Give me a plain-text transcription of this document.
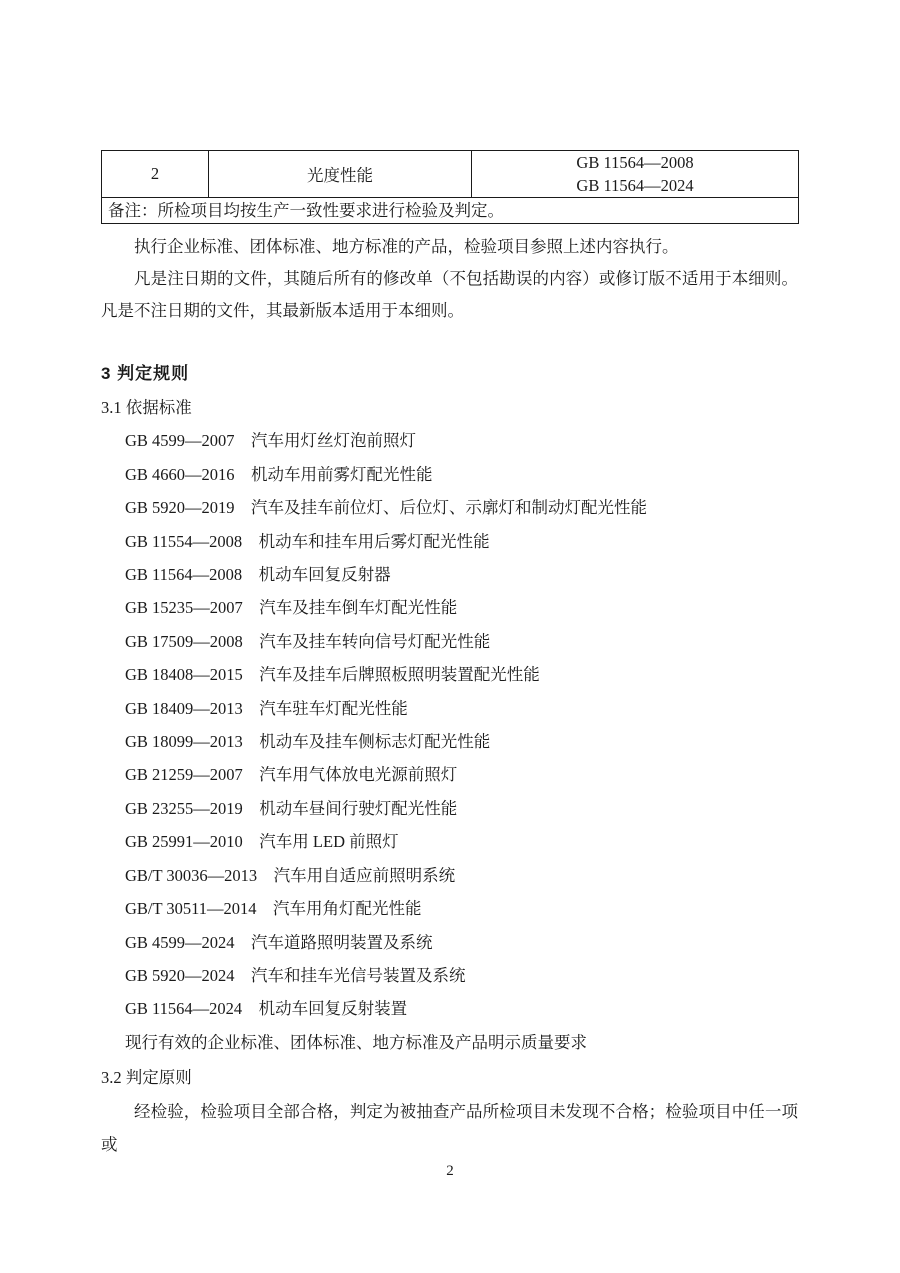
2	光度性能	
GB 11564—2008
GB 11564—2024

备注：所检项目均按生产一致性要求进行检验及判定。

执行企业标准、团体标准、地方标准的产品，检验项目参照上述内容执行。

凡是注日期的文件，其随后所有的修改单（不包括勘误的内容）或修订版不适用于本细则。凡是不注日期的文件，其最新版本适用于本细则。

3 判定规则
3.1 依据标准
GB 4599—2007　汽车用灯丝灯泡前照灯
GB 4660—2016　机动车用前雾灯配光性能
GB 5920—2019　汽车及挂车前位灯、后位灯、示廓灯和制动灯配光性能
GB 11554—2008　机动车和挂车用后雾灯配光性能
GB 11564—2008　机动车回复反射器
GB 15235—2007　汽车及挂车倒车灯配光性能
GB 17509—2008　汽车及挂车转向信号灯配光性能
GB 18408—2015　汽车及挂车后牌照板照明装置配光性能
GB 18409—2013　汽车驻车灯配光性能
GB 18099—2013　机动车及挂车侧标志灯配光性能
GB 21259—2007　汽车用气体放电光源前照灯
GB 23255—2019　机动车昼间行驶灯配光性能
GB 25991—2010　汽车用 LED 前照灯
GB/T 30036—2013　汽车用自适应前照明系统
GB/T 30511—2014　汽车用角灯配光性能
GB 4599—2024　汽车道路照明装置及系统
GB 5920—2024　汽车和挂车光信号装置及系统
GB 11564—2024　机动车回复反射装置
现行有效的企业标准、团体标准、地方标准及产品明示质量要求
3.2 判定原则

经检验，检验项目全部合格，判定为被抽查产品所检项目未发现不合格；检验项目中任一项或

2
